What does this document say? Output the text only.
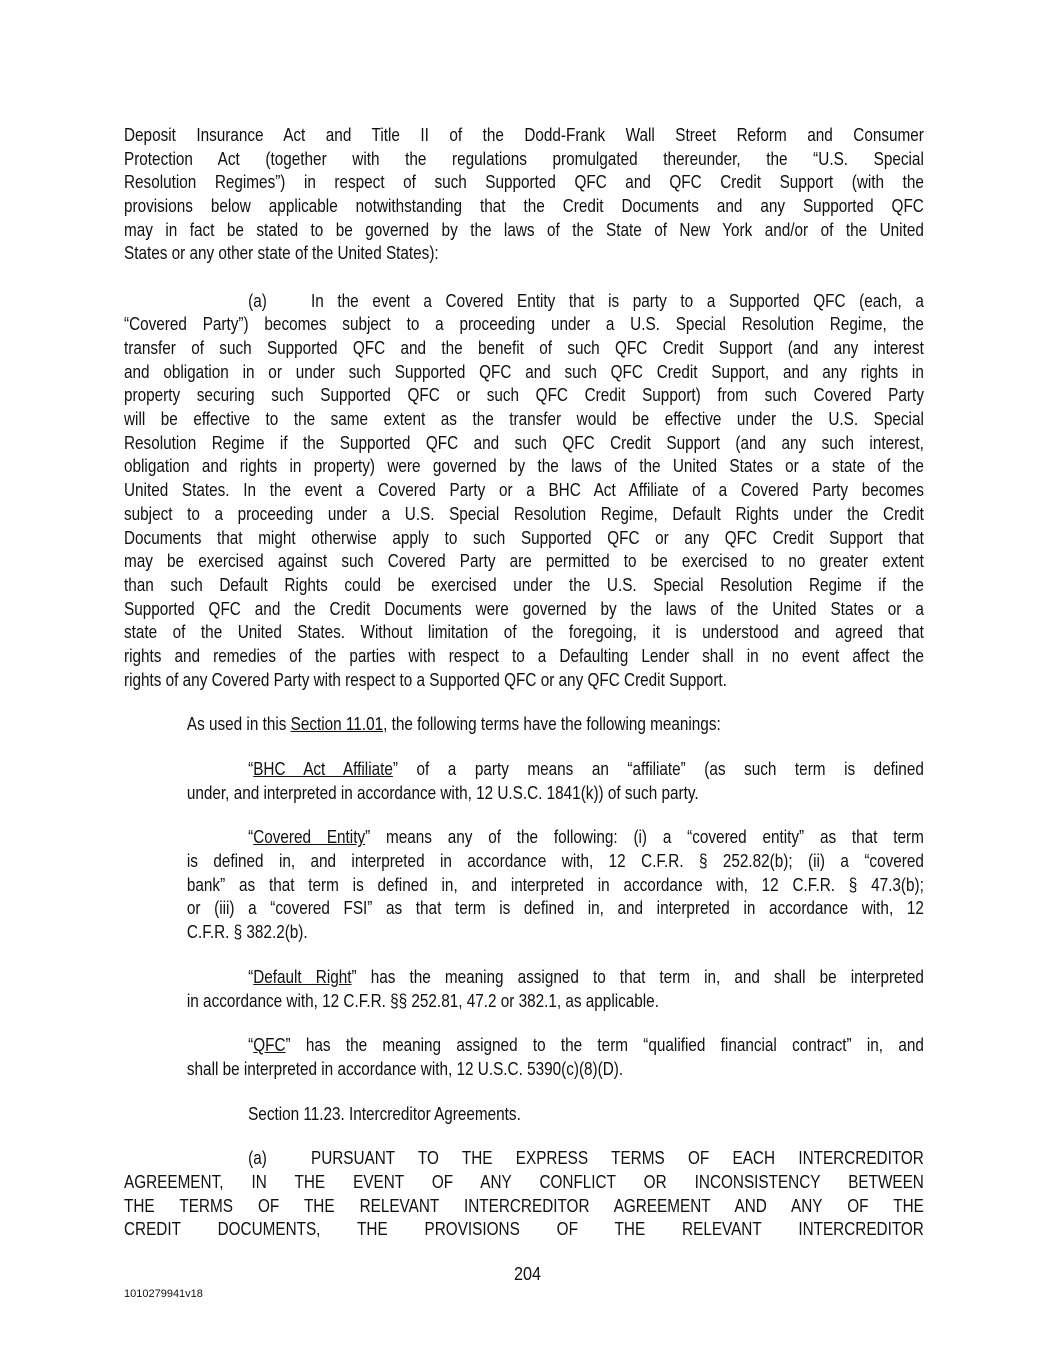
Deposit Insurance Act and Title II of the Dodd-Frank Wall Street Reform and Consumer
Protection Act (together with the regulations promulgated thereunder, the “U.S. Special
Resolution Regimes”) in respect of such Supported QFC and QFC Credit Support (with the
provisions below applicable notwithstanding that the Credit Documents and any Supported QFC
may in fact be stated to be governed by the laws of the State of New York and/or of the United
States or any other state of the United States):
(a) In the event a Covered Entity that is party to a Supported QFC (each, a
“Covered Party”) becomes subject to a proceeding under a U.S. Special Resolution Regime, the
transfer of such Supported QFC and the benefit of such QFC Credit Support (and any interest
and obligation in or under such Supported QFC and such QFC Credit Support, and any rights in
property securing such Supported QFC or such QFC Credit Support) from such Covered Party
will be effective to the same extent as the transfer would be effective under the U.S. Special
Resolution Regime if the Supported QFC and such QFC Credit Support (and any such interest,
obligation and rights in property) were governed by the laws of the United States or a state of the
United States. In the event a Covered Party or a BHC Act Affiliate of a Covered Party becomes
subject to a proceeding under a U.S. Special Resolution Regime, Default Rights under the Credit
Documents that might otherwise apply to such Supported QFC or any QFC Credit Support that
may be exercised against such Covered Party are permitted to be exercised to no greater extent
than such Default Rights could be exercised under the U.S. Special Resolution Regime if the
Supported QFC and the Credit Documents were governed by the laws of the United States or a
state of the United States. Without limitation of the foregoing, it is understood and agreed that
rights and remedies of the parties with respect to a Defaulting Lender shall in no event affect the
rights of any Covered Party with respect to a Supported QFC or any QFC Credit Support.
As used in this Section 11.01, the following terms have the following meanings:
“BHC Act Affiliate” of a party means an “affiliate” (as such term is defined
under, and interpreted in accordance with, 12 U.S.C. 1841(k)) of such party.
“Covered Entity” means any of the following: (i) a “covered entity” as that term
is defined in, and interpreted in accordance with, 12 C.F.R. § 252.82(b); (ii) a “covered
bank” as that term is defined in, and interpreted in accordance with, 12 C.F.R. § 47.3(b);
or (iii) a “covered FSI” as that term is defined in, and interpreted in accordance with, 12
C.F.R. § 382.2(b).
“Default Right” has the meaning assigned to that term in, and shall be interpreted
in accordance with, 12 C.F.R. §§ 252.81, 47.2 or 382.1, as applicable.
“QFC” has the meaning assigned to the term “qualified financial contract” in, and
shall be interpreted in accordance with, 12 U.S.C. 5390(c)(8)(D).
Section 11.23. Intercreditor Agreements.
(a) PURSUANT TO THE EXPRESS TERMS OF EACH INTERCREDITOR
AGREEMENT, IN THE EVENT OF ANY CONFLICT OR INCONSISTENCY BETWEEN
THE TERMS OF THE RELEVANT INTERCREDITOR AGREEMENT AND ANY OF THE
CREDIT DOCUMENTS, THE PROVISIONS OF THE RELEVANT INTERCREDITOR
204
1010279941v18
